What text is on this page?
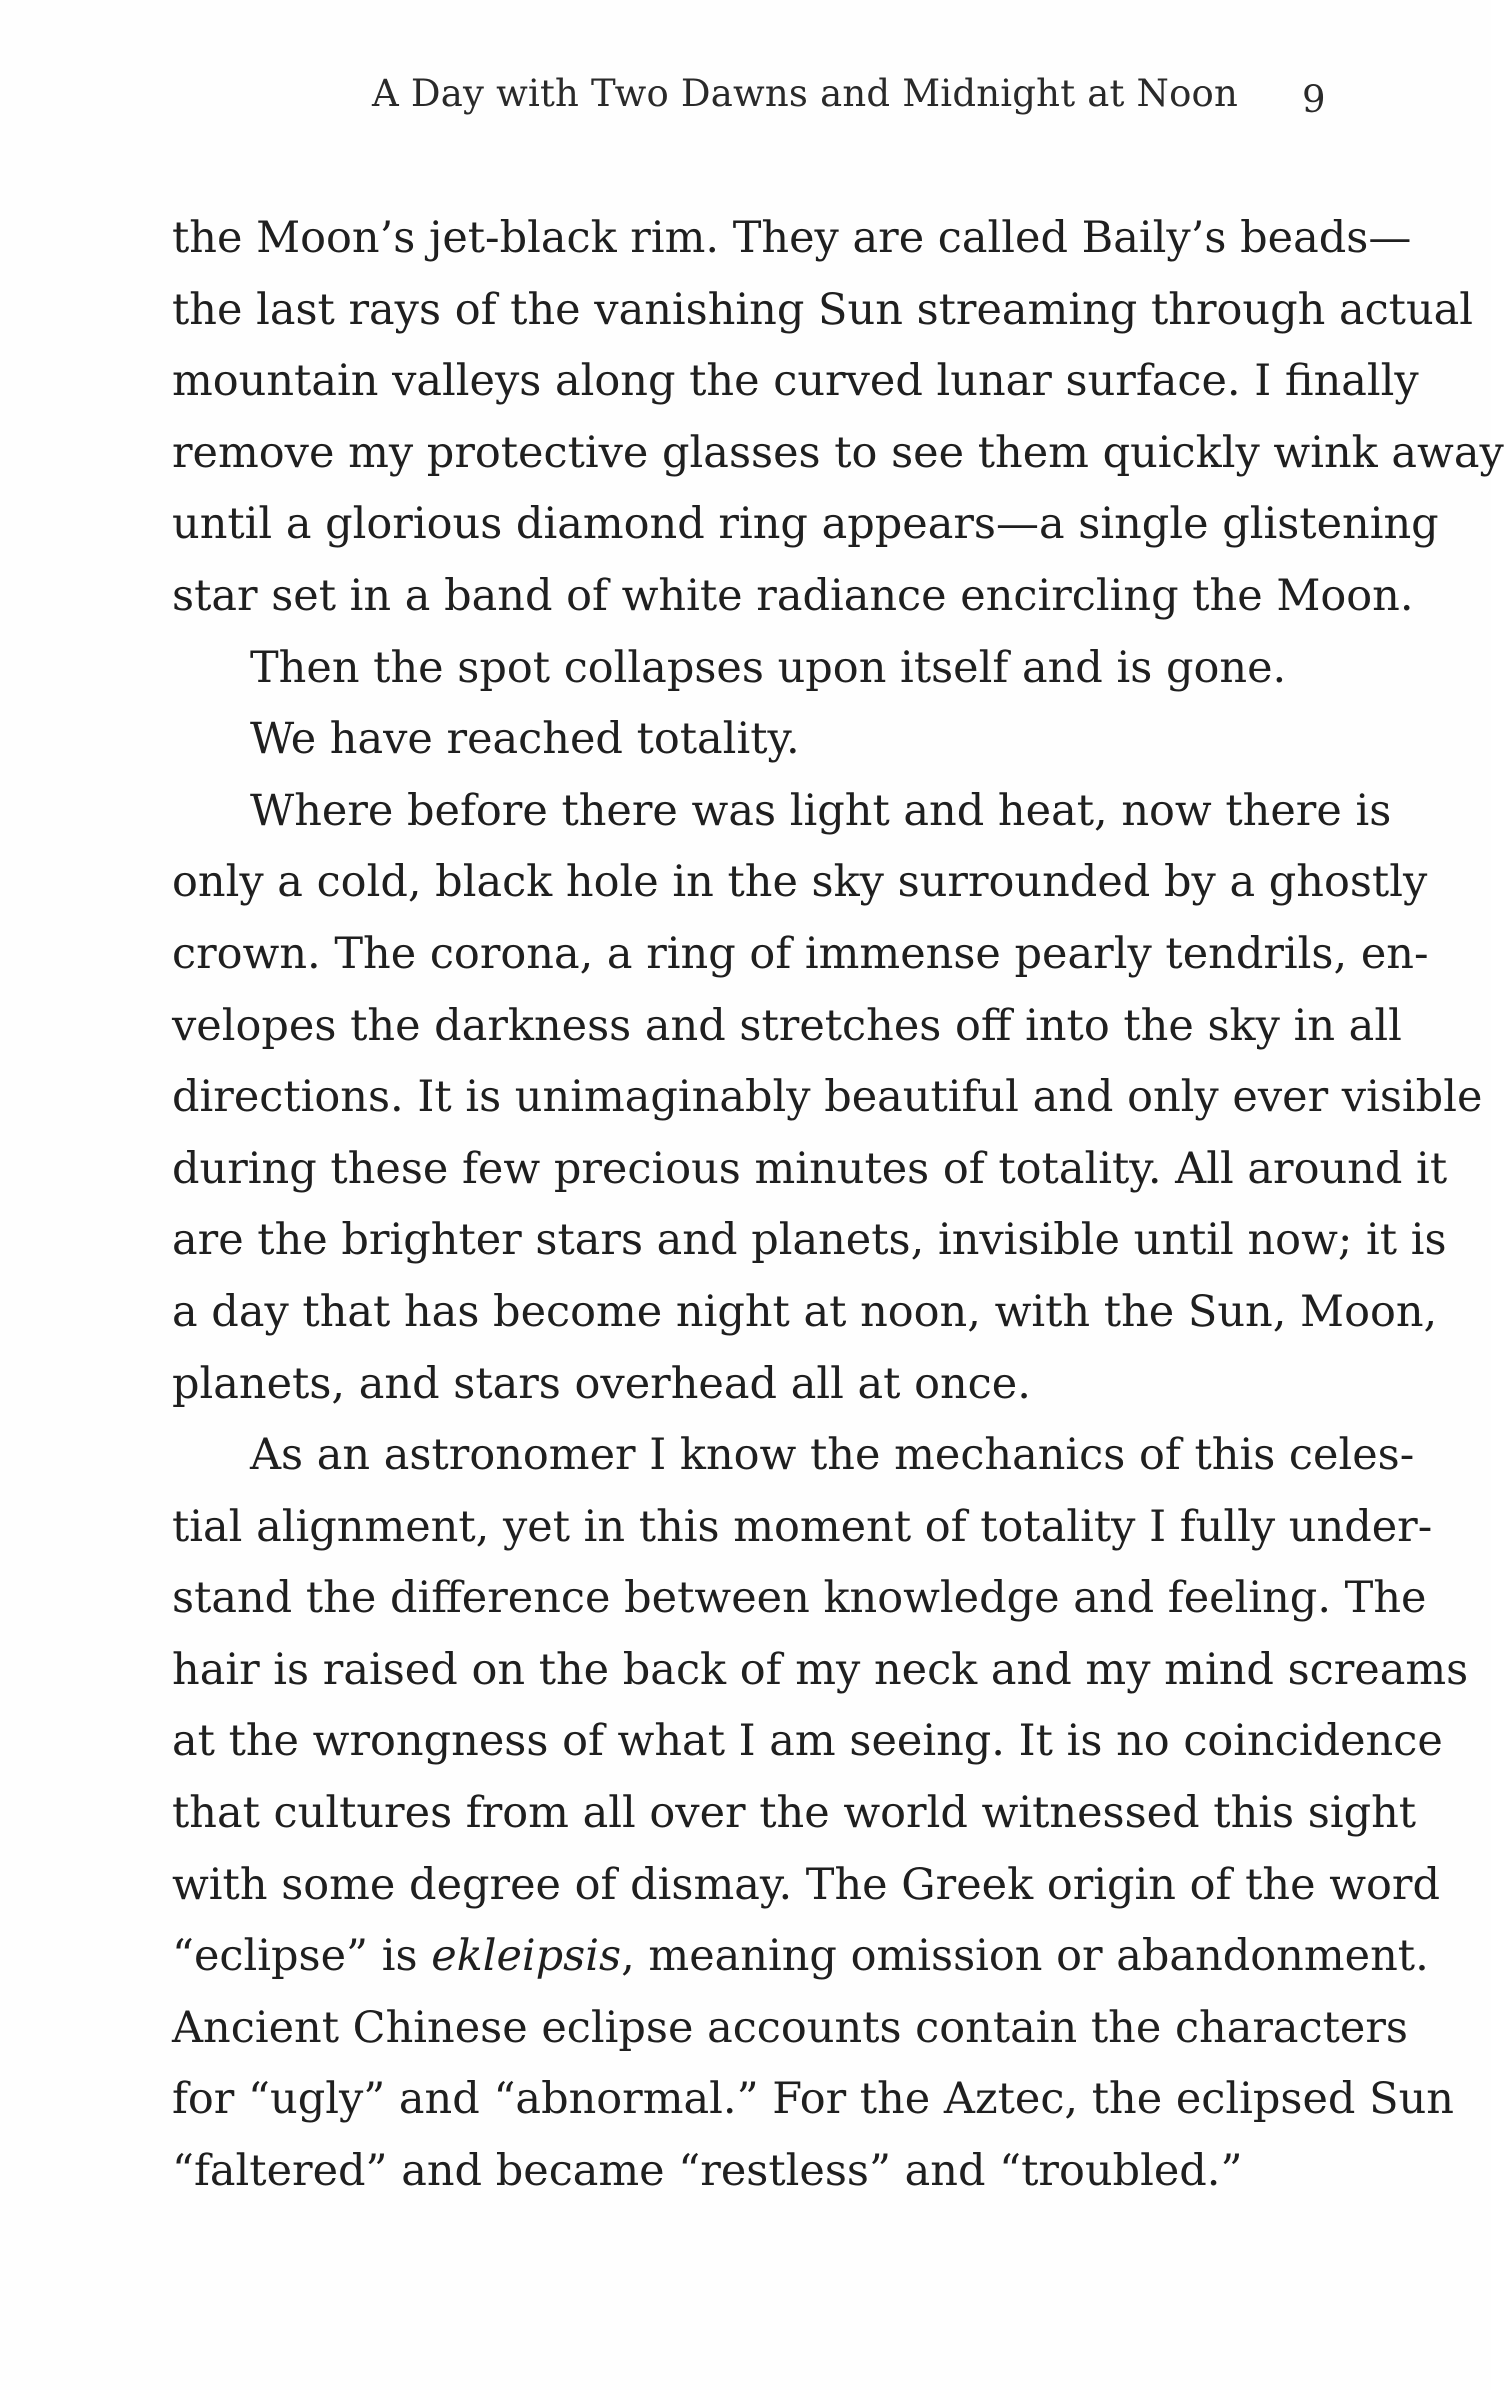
A Day with Two Dawns and Midnight at Noon 9
the Moon’s jet-black rim. They are called Baily’s beads—
the last rays of the vanishing Sun streaming through actual
mountain valleys along the curved lunar surface. I finally
remove my protective glasses to see them quickly wink away
until a glorious diamond ring appears—a single glistening
star set in a band of white radiance encircling the Moon.
Then the spot collapses upon itself and is gone.
We have reached totality.
Where before there was light and heat, now there is
only a cold, black hole in the sky surrounded by a ghostly
crown. The corona, a ring of immense pearly tendrils, en-
velopes the darkness and stretches off into the sky in all
directions. It is unimaginably beautiful and only ever visible
during these few precious minutes of totality. All around it
are the brighter stars and planets, invisible until now; it is
a day that has become night at noon, with the Sun, Moon,
planets, and stars overhead all at once.
As an astronomer I know the mechanics of this celes-
tial alignment, yet in this moment of totality I fully under-
stand the difference between knowledge and feeling. The
hair is raised on the back of my neck and my mind screams
at the wrongness of what I am seeing. It is no coincidence
that cultures from all over the world witnessed this sight
with some degree of dismay. The Greek origin of the word
“eclipse” is ekleipsis, meaning omission or abandonment.
Ancient Chinese eclipse accounts contain the characters
for “ugly” and “abnormal.” For the Aztec, the eclipsed Sun
“faltered” and became “restless” and “troubled.”
